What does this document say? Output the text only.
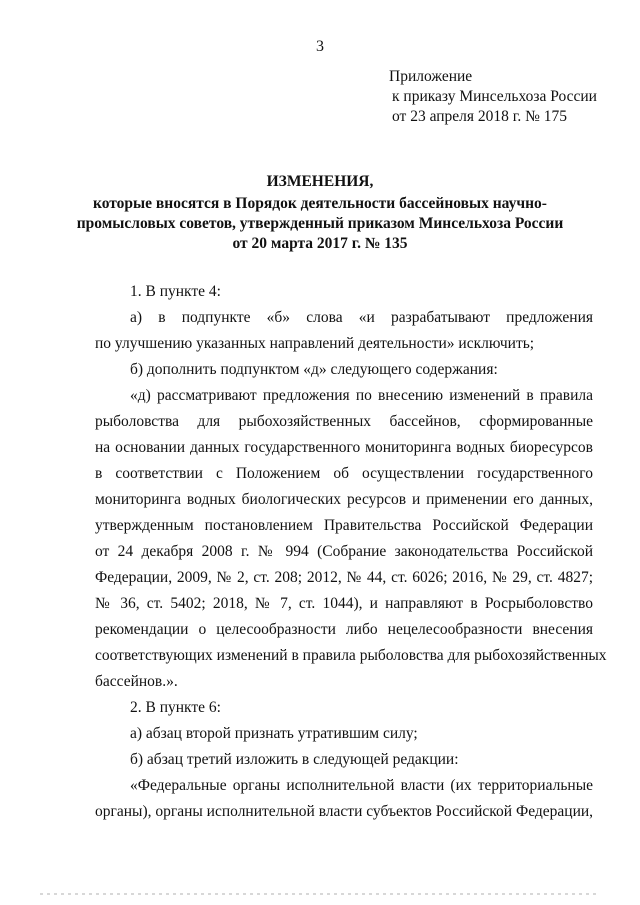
3
Приложение
к приказу Минсельхоза России
от 23 апреля 2018 г. № 175
ИЗМЕНЕНИЯ,
которые вносятся в Порядок деятельности бассейновых научно-
промысловых советов, утвержденный приказом Минсельхоза России
от 20 марта 2017 г. № 135
1. В пункте 4:
а) в подпункте «б» слова «и разрабатывают предложения
по улучшению указанных направлений деятельности» исключить;
б) дополнить подпунктом «д» следующего содержания:
«д) рассматривают предложения по внесению изменений в правила
рыболовства для рыбохозяйственных бассейнов, сформированные
на основании данных государственного мониторинга водных биоресурсов
в соответствии с Положением об осуществлении государственного
мониторинга водных биологических ресурсов и применении его данных,
утвержденным постановлением Правительства Российской Федерации
от 24 декабря 2008 г. № 994 (Собрание законодательства Российской
Федерации, 2009, № 2, ст. 208; 2012, № 44, ст. 6026; 2016, № 29, ст. 4827;
№ 36, ст. 5402; 2018, № 7, ст. 1044), и направляют в Росрыболовство
рекомендации о целесообразности либо нецелесообразности внесения
соответствующих изменений в правила рыболовства для рыбохозяйственных
бассейнов.».
2. В пункте 6:
а) абзац второй признать утратившим силу;
б) абзац третий изложить в следующей редакции:
«Федеральные органы исполнительной власти (их территориальные
органы), органы исполнительной власти субъектов Российской Федерации,
